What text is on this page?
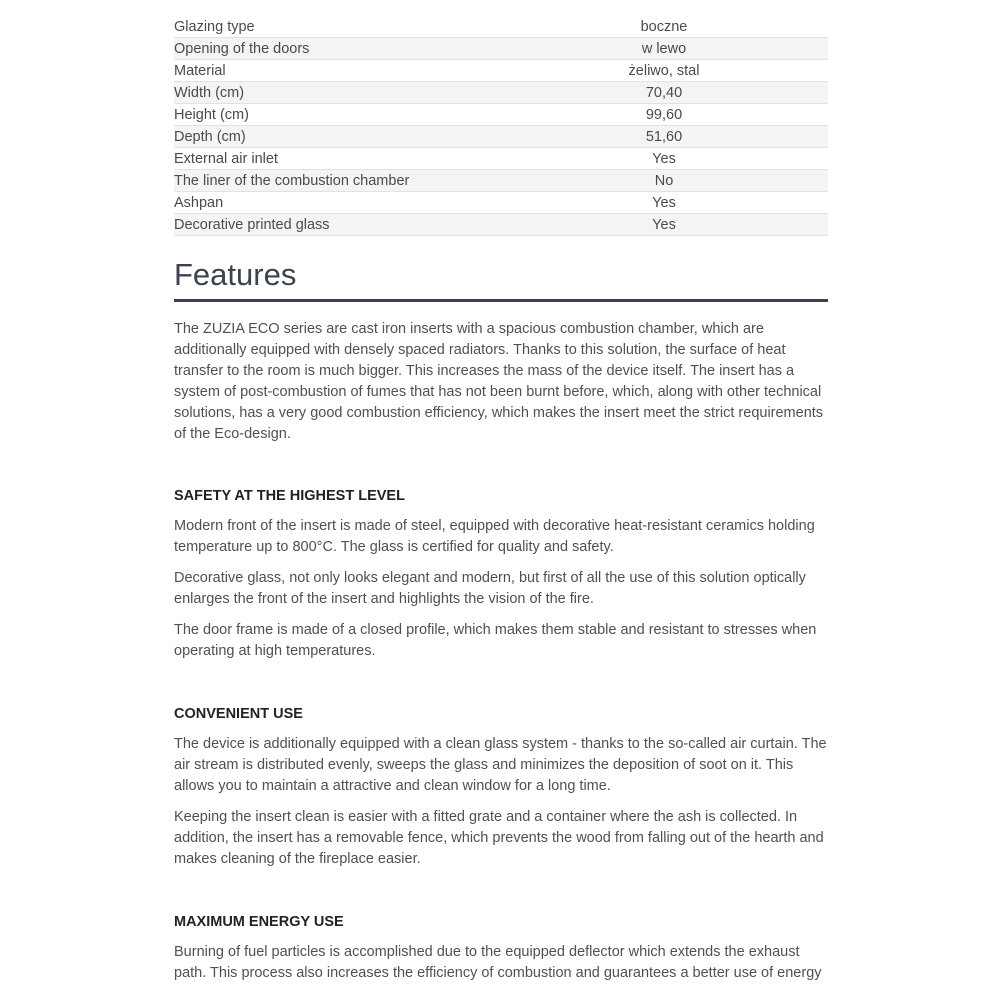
Glazing type	boczne
Opening of the doors	w lewo
Material	żeliwo, stal
Width (cm)	70,40
Height (cm)	99,60
Depth (cm)	51,60
External air inlet	Yes
The liner of the combustion chamber	No
Ashpan	Yes
Decorative printed glass	Yes
Features

The ZUZIA ECO series are cast iron inserts with a spacious combustion chamber, which are additionally equipped with densely spaced radiators. Thanks to this solution, the surface of heat transfer to the room is much bigger. This increases the mass of the device itself. The insert has a system of post-combustion of fumes that has not been burnt before, which, along with other technical solutions, has a very good combustion efficiency, which makes the insert meet the strict requirements of the Eco-design.

SAFETY AT THE HIGHEST LEVEL

Modern front of the insert is made of steel, equipped with decorative heat-resistant ceramics holding temperature up to 800°C. The glass is certified for quality and safety.

Decorative glass, not only looks elegant and modern, but first of all the use of this solution optically enlarges the front of the insert and highlights the vision of the fire.

The door frame is made of a closed profile, which makes them stable and resistant to stresses when operating at high temperatures.

CONVENIENT USE

The device is additionally equipped with a clean glass system - thanks to the so-called air curtain. The air stream is distributed evenly, sweeps the glass and minimizes the deposition of soot on it. This allows you to maintain a attractive and clean window for a long time.

Keeping the insert clean is easier with a fitted grate and a container where the ash is collected. In addition, the insert has a removable fence, which prevents the wood from falling out of the hearth and makes cleaning of the fireplace easier.

MAXIMUM ENERGY USE

Burning of fuel particles is accomplished due to the equipped deflector which extends the exhaust path. This process also increases the efficiency of combustion and guarantees a better use of energy
